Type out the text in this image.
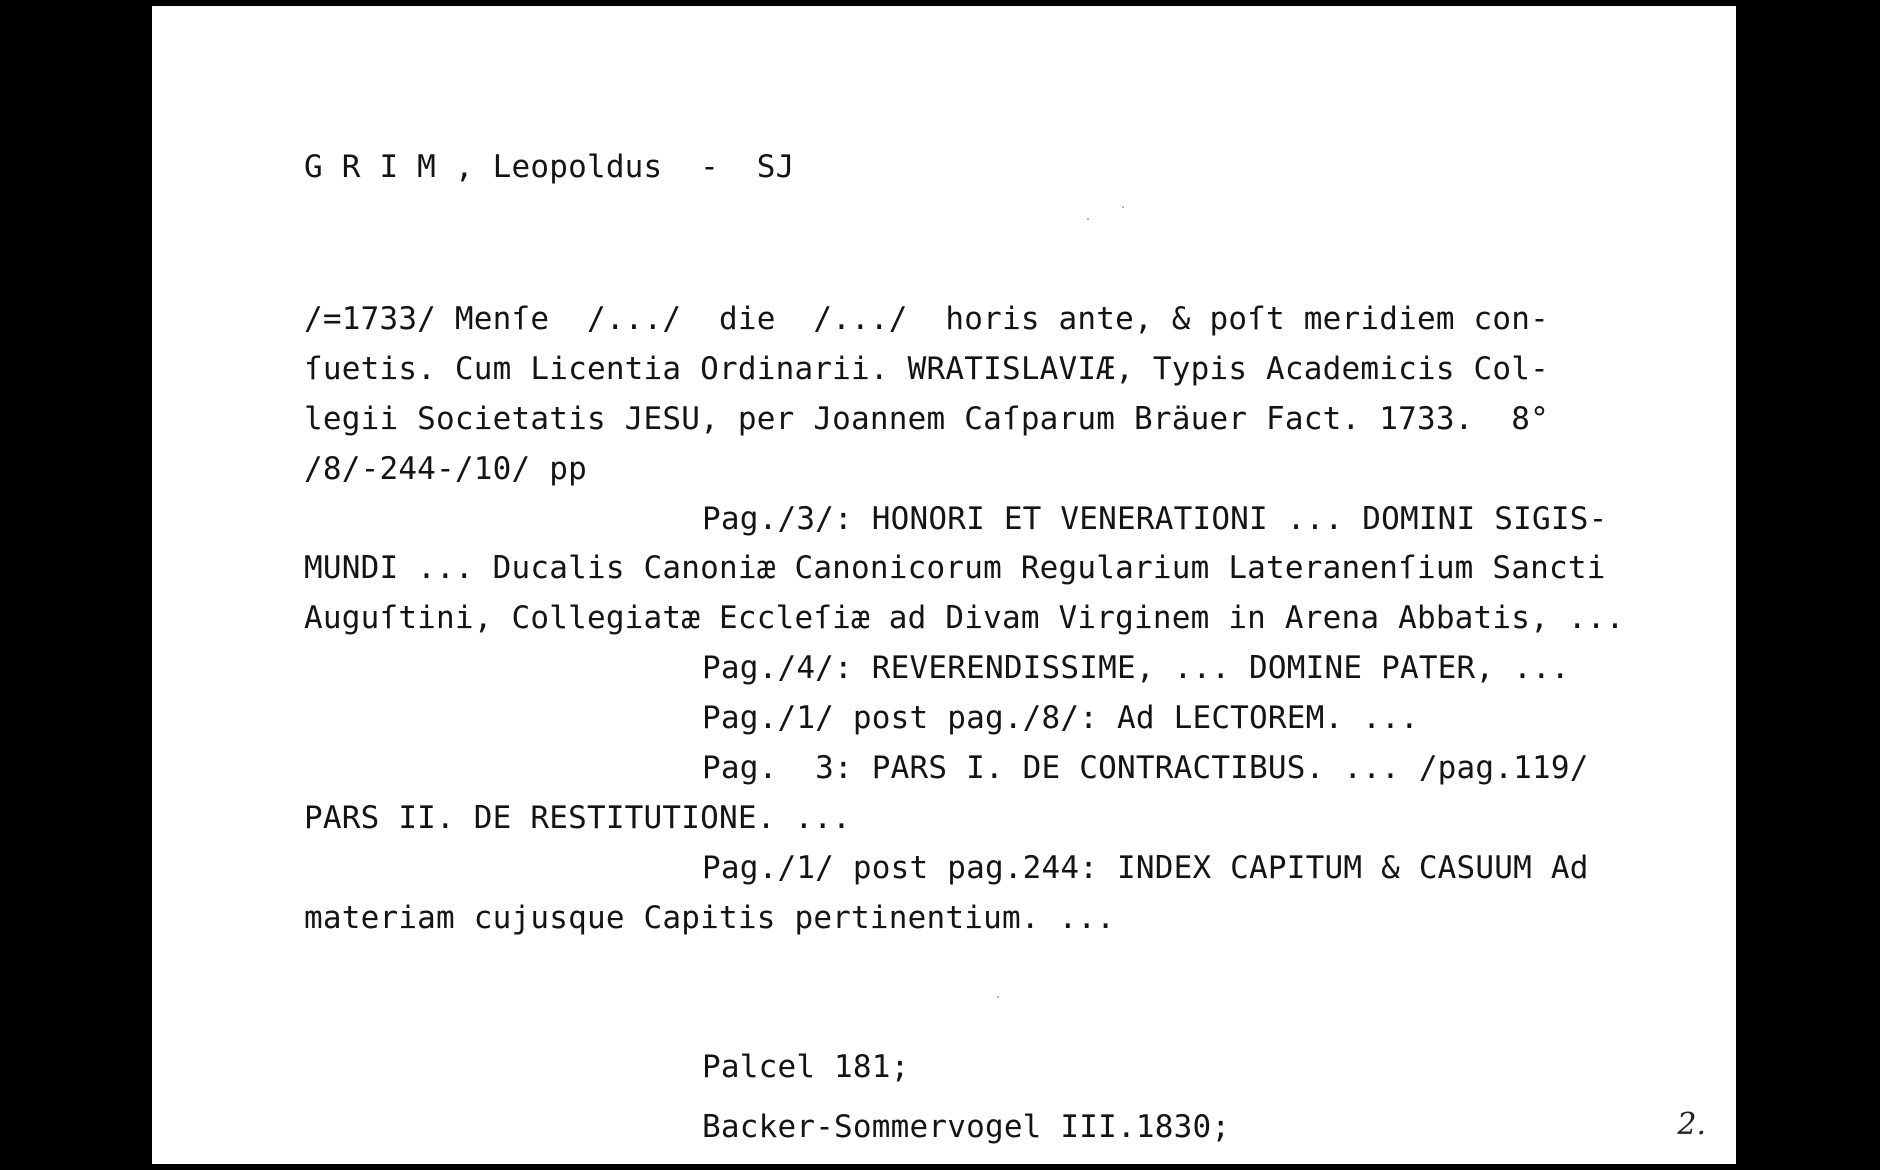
G R I M , Leopoldus  -  SJ
/=1733/ Menſe  /.../  die  /.../  horis ante, & poſt meridiem con-
ſuetis. Cum Licentia Ordinarii. WRATISLAVIÆ, Typis Academicis Col-
legii Societatis JESU, per Joannem Caſparum Bräuer Fact. 1733.  8°
/8/-244-/10/ pp
Pag./3/: HONORI ET VENERATIONI ... DOMINI SIGIS-
MUNDI ... Ducalis Canoniæ Canonicorum Regularium Lateranenſium Sancti
Auguſtini, Collegiatæ Eccleſiæ ad Divam Virginem in Arena Abbatis, ...
Pag./4/: REVERENDISSIME, ... DOMINE PATER, ...
Pag./1/ post pag./8/: Ad LECTOREM. ...
Pag.  3: PARS I. DE CONTRACTIBUS. ... /pag.119/
PARS II. DE RESTITUTIONE. ...
Pag./1/ post pag.244: INDEX CAPITUM & CASUUM Ad
materiam cujusque Capitis pertinentium. ...
Palcel 181;
Backer-Sommervogel III.1830;	2.
